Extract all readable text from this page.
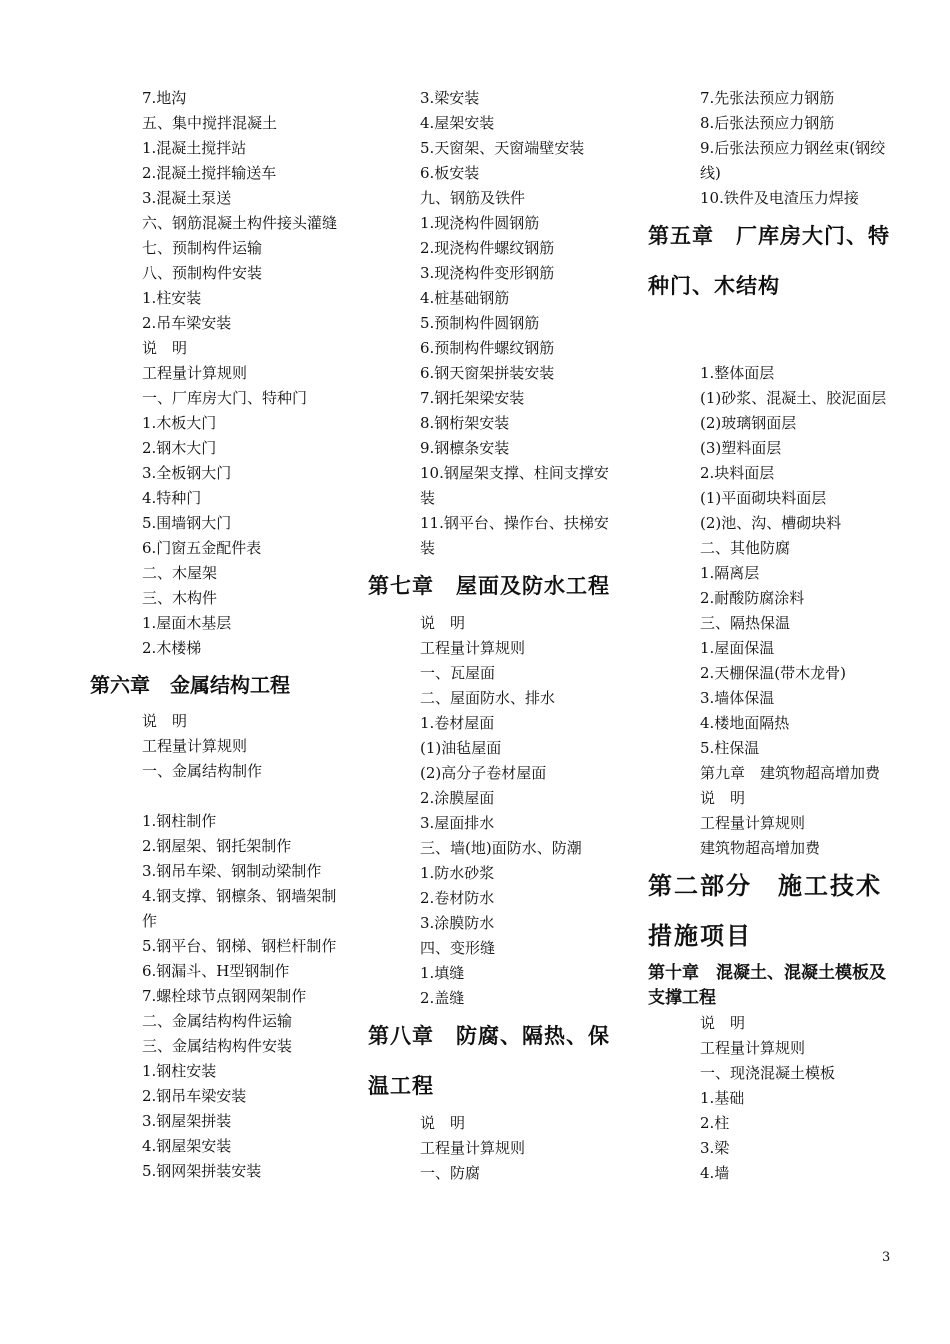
7.地沟
五、集中搅拌混凝土
1.混凝土搅拌站
2.混凝土搅拌输送车
3.混凝土泵送
六、钢筋混凝土构件接头灌缝
七、预制构件运输
八、预制构件安装
1.柱安装
2.吊车梁安装
说　明
工程量计算规则
一、厂库房大门、特种门
1.木板大门
2.钢木大门
3.全板钢大门
4.特种门
5.围墙钢大门
6.门窗五金配件表
二、木屋架
三、木构件
1.屋面木基层
2.木楼梯
第六章　金属结构工程
说　明
工程量计算规则
一、金属结构制作
1.钢柱制作
2.钢屋架、钢托架制作
3.钢吊车梁、钢制动梁制作
4.钢支撑、钢檩条、钢墙架制作
5.钢平台、钢梯、钢栏杆制作
6.钢漏斗、H型钢制作
7.螺栓球节点钢网架制作
二、金属结构构件运输
三、金属结构构件安装
1.钢柱安装
2.钢吊车梁安装
3.钢屋架拼装
4.钢屋架安装
5.钢网架拼装安装
3.梁安装
4.屋架安装
5.天窗架、天窗端壁安装
6.板安装
九、钢筋及铁件
1.现浇构件圆钢筋
2.现浇构件螺纹钢筋
3.现浇构件变形钢筋
4.桩基础钢筋
5.预制构件圆钢筋
6.预制构件螺纹钢筋
6.钢天窗架拼装安装
7.钢托架梁安装
8.钢桁架安装
9.钢檩条安装
10.钢屋架支撑、柱间支撑安装
11.钢平台、操作台、扶梯安装
第七章　屋面及防水工程
说　明
工程量计算规则
一、瓦屋面
二、屋面防水、排水
1.卷材屋面
(1)油毡屋面
(2)高分子卷材屋面
2.涂膜屋面
3.屋面排水
三、墙(地)面防水、防潮
1.防水砂浆
2.卷材防水
3.涂膜防水
四、变形缝
1.填缝
2.盖缝
第八章　防腐、隔热、保温工程
说　明
工程量计算规则
一、防腐
7.先张法预应力钢筋
8.后张法预应力钢筋
9.后张法预应力钢丝束(钢绞线)
10.铁件及电渣压力焊接
第五章　厂库房大门、特种门、木结构
1.整体面层
(1)砂浆、混凝土、胶泥面层
(2)玻璃钢面层
(3)塑料面层
2.块料面层
(1)平面砌块料面层
(2)池、沟、槽砌块料
二、其他防腐
1.隔离层
2.耐酸防腐涂料
三、隔热保温
1.屋面保温
2.天棚保温(带木龙骨)
3.墙体保温
4.楼地面隔热
5.柱保温
第九章　建筑物超高增加费
说　明
工程量计算规则
建筑物超高增加费
第二部分　施工技术措施项目
第十章　混凝土、混凝土模板及支撑工程
说　明
工程量计算规则
一、现浇混凝土模板
1.基础
2.柱
3.梁
4.墙
3
